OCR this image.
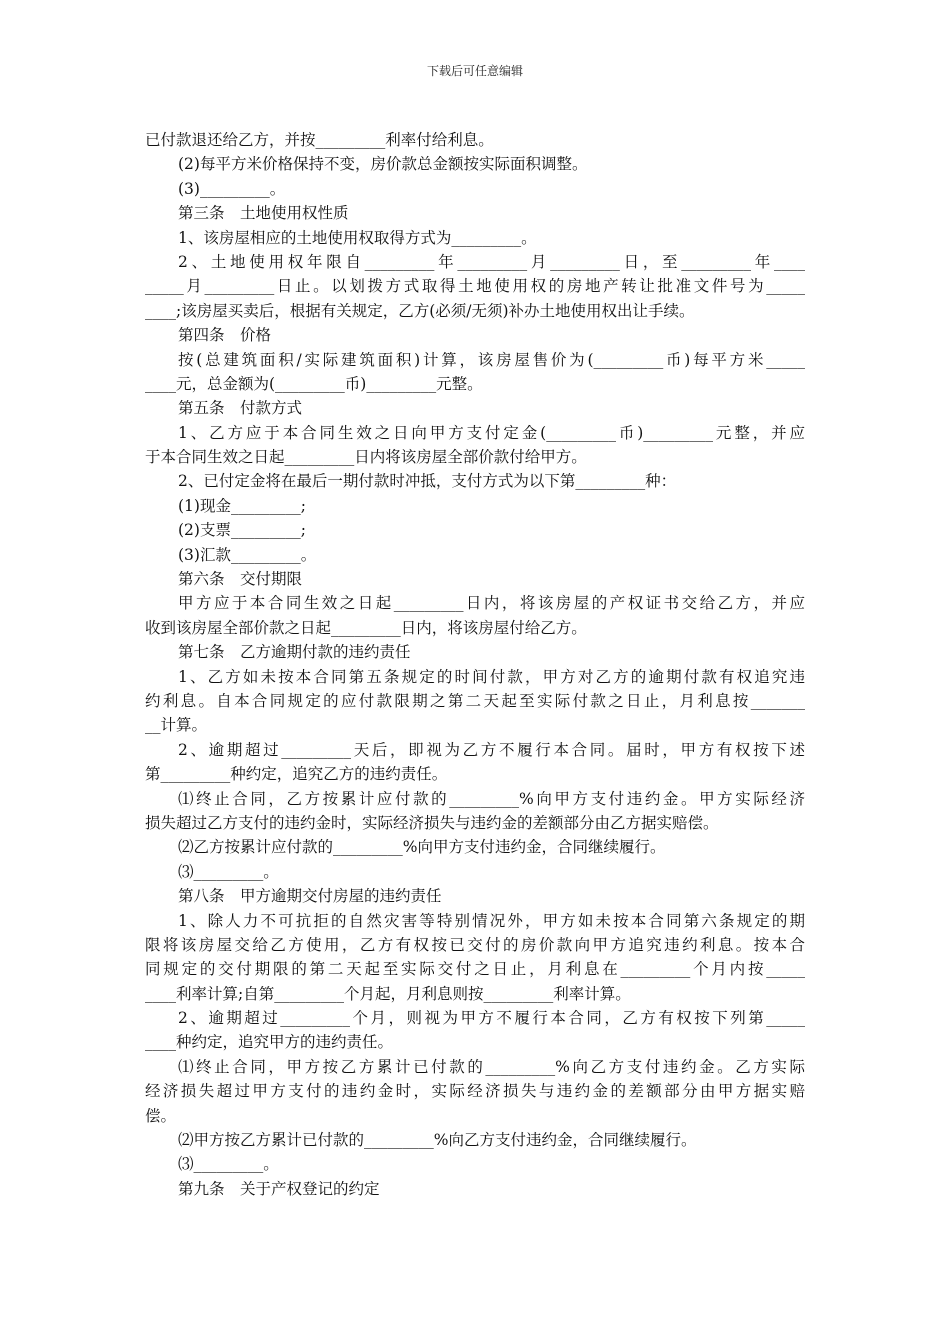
下载后可任意编辑
已付款退还给乙方，并按_________利率付给利息。
(2)每平方米价格保持不变，房价款总金额按实际面积调整。
(3)_________。
第三条　土地使用权性质
1、该房屋相应的土地使用权取得方式为_________。
2、土地使用权年限自_________年_________月_________日，至_________年____
_____月_________日止。以划拨方式取得土地使用权的房地产转让批准文件号为_____
____;该房屋买卖后，根据有关规定，乙方(必须/无须)补办土地使用权出让手续。
第四条　价格
按(总建筑面积/实际建筑面积)计算，该房屋售价为(_________币)每平方米_____
____元，总金额为(_________币)_________元整。
第五条　付款方式
1、乙方应于本合同生效之日向甲方支付定金(_________币)_________元整，并应
于本合同生效之日起_________日内将该房屋全部价款付给甲方。
2、已付定金将在最后一期付款时冲抵，支付方式为以下第_________种：
(1)现金_________;
(2)支票_________;
(3)汇款_________。
第六条　交付期限
甲方应于本合同生效之日起_________日内，将该房屋的产权证书交给乙方，并应
收到该房屋全部价款之日起_________日内，将该房屋付给乙方。
第七条　乙方逾期付款的违约责任
1、乙方如未按本合同第五条规定的时间付款，甲方对乙方的逾期付款有权追究违
约利息。自本合同规定的应付款限期之第二天起至实际付款之日止，月利息按_______
__计算。
2、逾期超过_________天后，即视为乙方不履行本合同。届时，甲方有权按下述
第_________种约定，追究乙方的违约责任。
⑴终止合同，乙方按累计应付款的_________%向甲方支付违约金。甲方实际经济
损失超过乙方支付的违约金时，实际经济损失与违约金的差额部分由乙方据实赔偿。
⑵乙方按累计应付款的_________%向甲方支付违约金，合同继续履行。
⑶_________。
第八条　甲方逾期交付房屋的违约责任
1、除人力不可抗拒的自然灾害等特别情况外，甲方如未按本合同第六条规定的期
限将该房屋交给乙方使用，乙方有权按已交付的房价款向甲方追究违约利息。按本合
同规定的交付期限的第二天起至实际交付之日止，月利息在_________个月内按_____
____利率计算;自第_________个月起，月利息则按_________利率计算。
2、逾期超过_________个月，则视为甲方不履行本合同，乙方有权按下列第_____
____种约定，追究甲方的违约责任。
⑴终止合同，甲方按乙方累计已付款的_________%向乙方支付违约金。乙方实际
经济损失超过甲方支付的违约金时，实际经济损失与违约金的差额部分由甲方据实赔
偿。
⑵甲方按乙方累计已付款的_________%向乙方支付违约金，合同继续履行。
⑶_________。
第九条　关于产权登记的约定
